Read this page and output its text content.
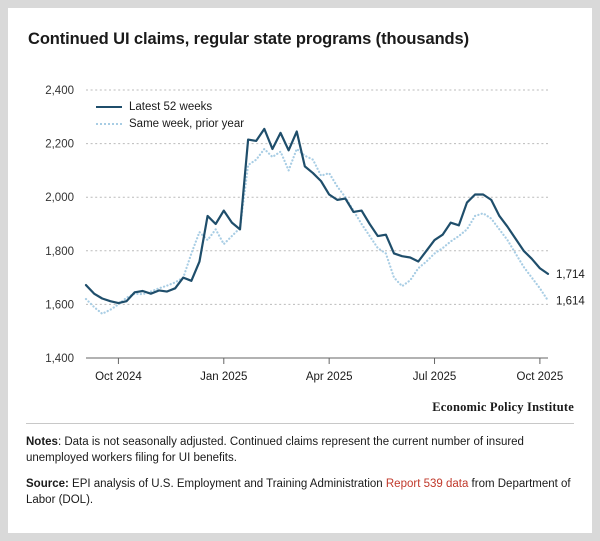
Continued UI claims, regular state programs (thousands)
1,400
1,600
1,800
2,000
2,200
2,400
Oct 2024	Jan 2025	Apr 2025	Jul 2025	Oct 2025
1,714
1,614
Latest 52 weeks
Same week, prior year
Economic Policy Institute
Notes: Data is not seasonally adjusted. Continued claims represent the current number of insured unemployed workers filing for UI benefits.
Source: EPI analysis of U.S. Employment and Training Administration Report 539 data from Department of Labor (DOL).
